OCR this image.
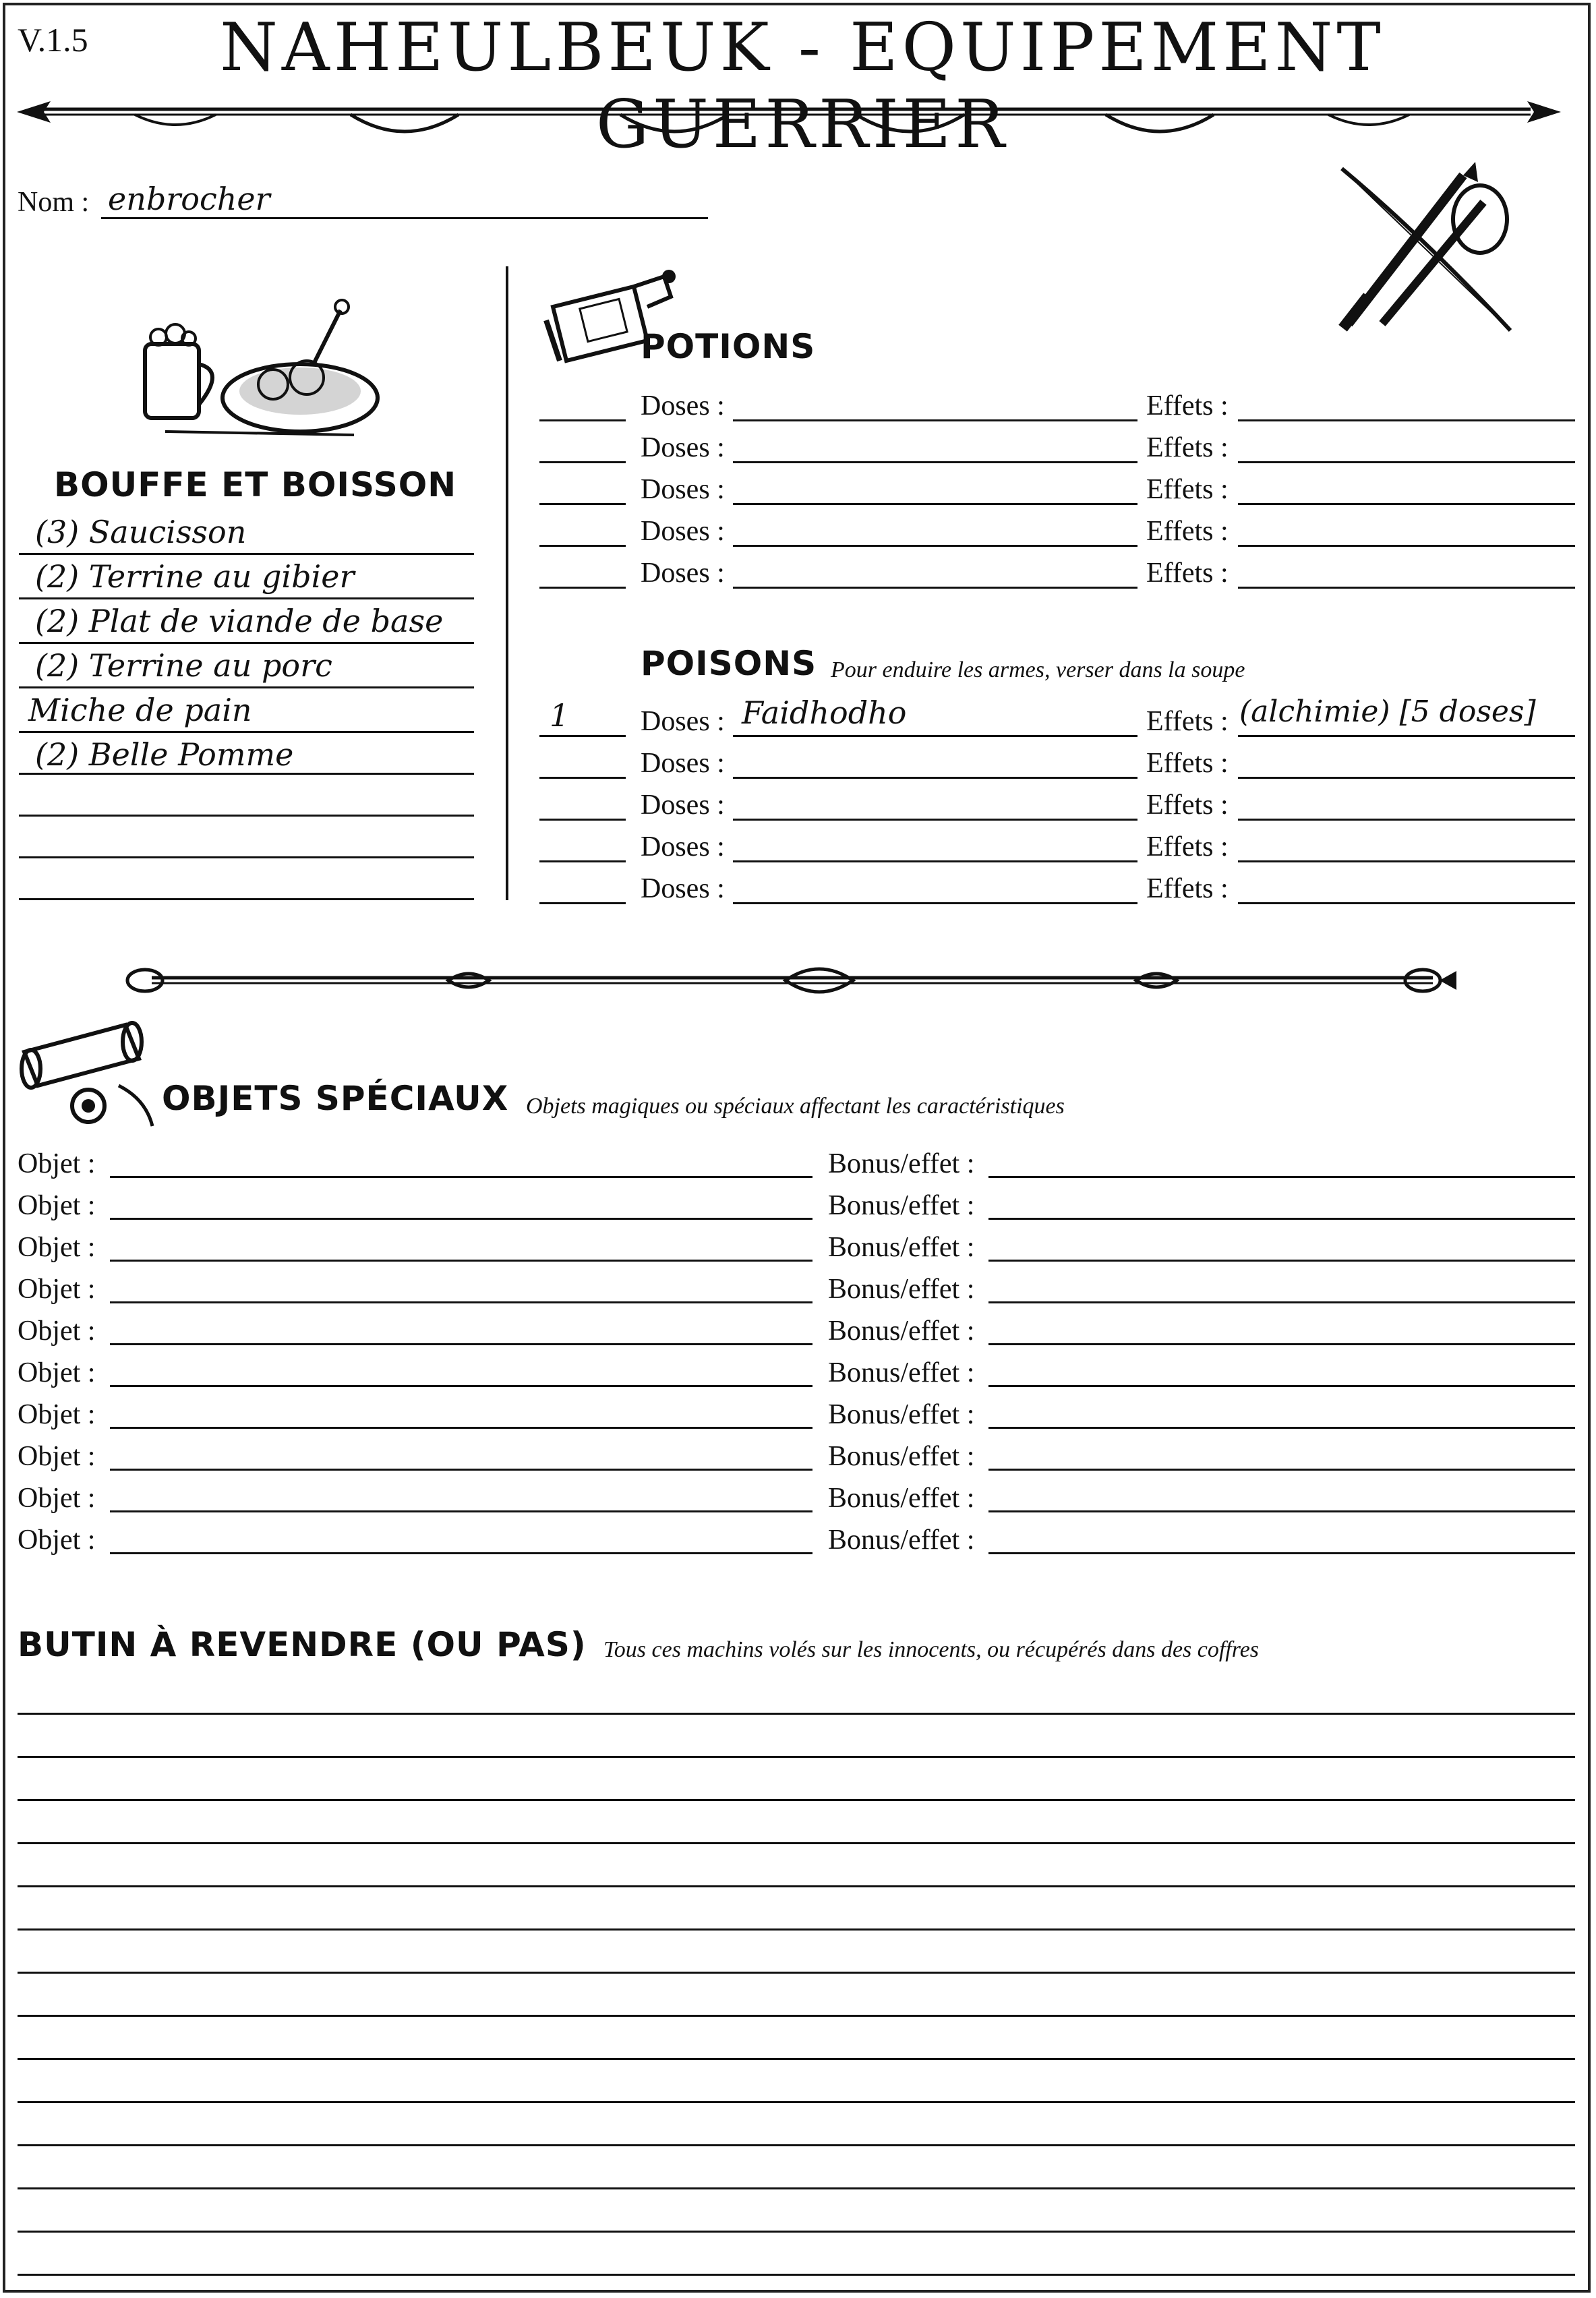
V.1.5	NAHEULBEUK - EQUIPEMENT GUERRIER
Nom : enbrocher
BOUFFE ET BOISSON
(3) Saucisson
(2) Terrine au gibier
(2) Plat de viande de base
(2) Terrine au porc
Miche de pain
(2) Belle Pomme
POTIONS
Doses :	Effets :
Doses :	Effets :
Doses :	Effets :
Doses :	Effets :
Doses :	Effets :
POISONS Pour enduire les armes, verser dans la soupe
1	Doses : Faidhodho	Effets : (alchimie) [5 doses]
Doses :	Effets :
Doses :	Effets :
Doses :	Effets :
Doses :	Effets :
OBJETS SPÉCIAUX Objets magiques ou spéciaux affectant les caractéristiques
Objet :	Bonus/effet :
Objet :	Bonus/effet :
Objet :	Bonus/effet :
Objet :	Bonus/effet :
Objet :	Bonus/effet :
Objet :	Bonus/effet :
Objet :	Bonus/effet :
Objet :	Bonus/effet :
Objet :	Bonus/effet :
Objet :	Bonus/effet :
BUTIN À REVENDRE (OU PAS) Tous ces machins volés sur les innocents, ou récupérés dans des coffres
